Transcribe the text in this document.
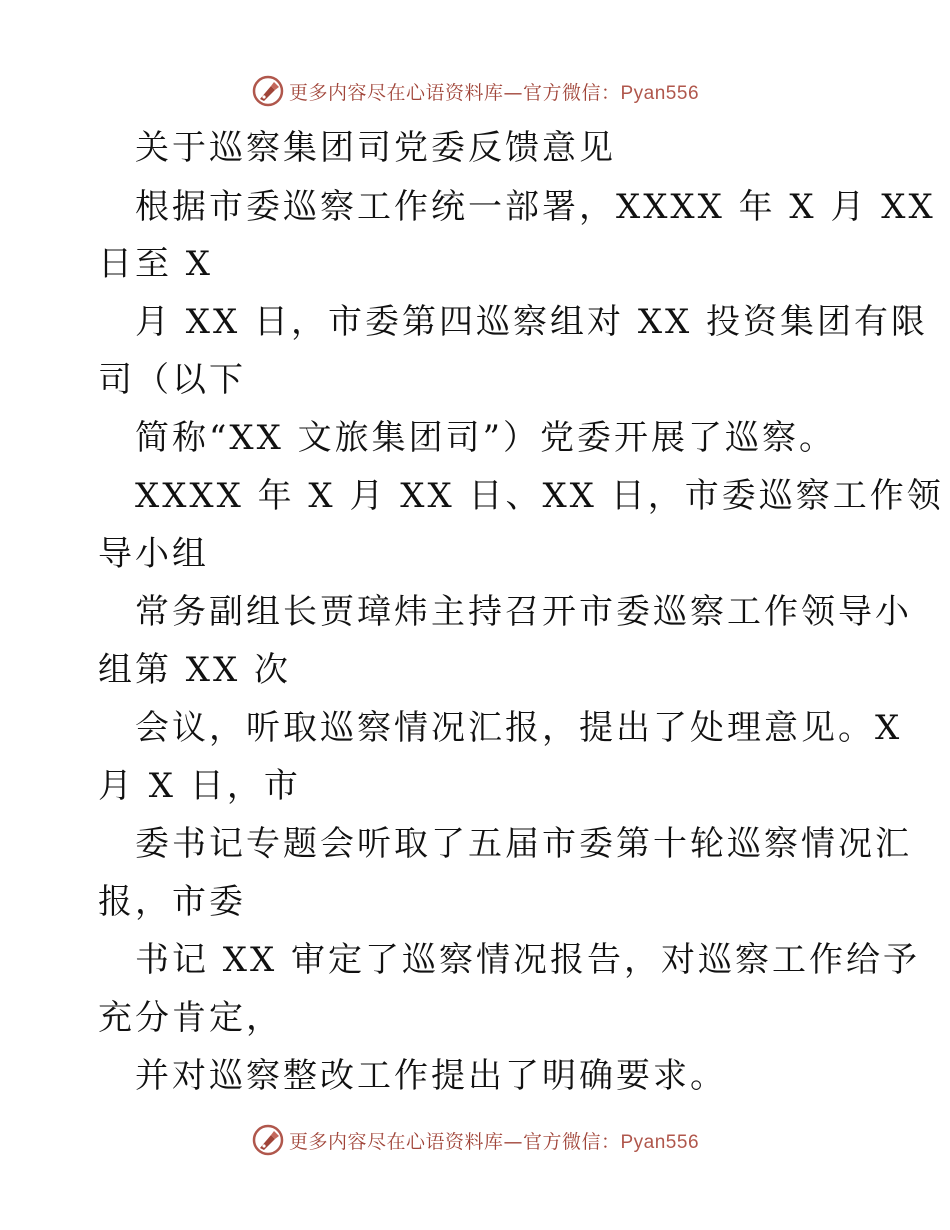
更多内容尽在心语资料库—官方微信：Pyan556
关于巡察集团司党委反馈意见
根据市委巡察工作统一部署，XXXX 年 X 月 XX
日至 X
月 XX 日，市委第四巡察组对 XX 投资集团有限
司（以下
简称“XX 文旅集团司”）党委开展了巡察。
XXXX 年 X 月 XX 日、XX 日，市委巡察工作领
导小组
常务副组长贾璋炜主持召开市委巡察工作领导小
组第 XX 次
会议，听取巡察情况汇报，提出了处理意见。X
月 X 日，市
委书记专题会听取了五届市委第十轮巡察情况汇
报，市委
书记 XX 审定了巡察情况报告，对巡察工作给予
充分肯定，
并对巡察整改工作提出了明确要求。
更多内容尽在心语资料库—官方微信：Pyan556
